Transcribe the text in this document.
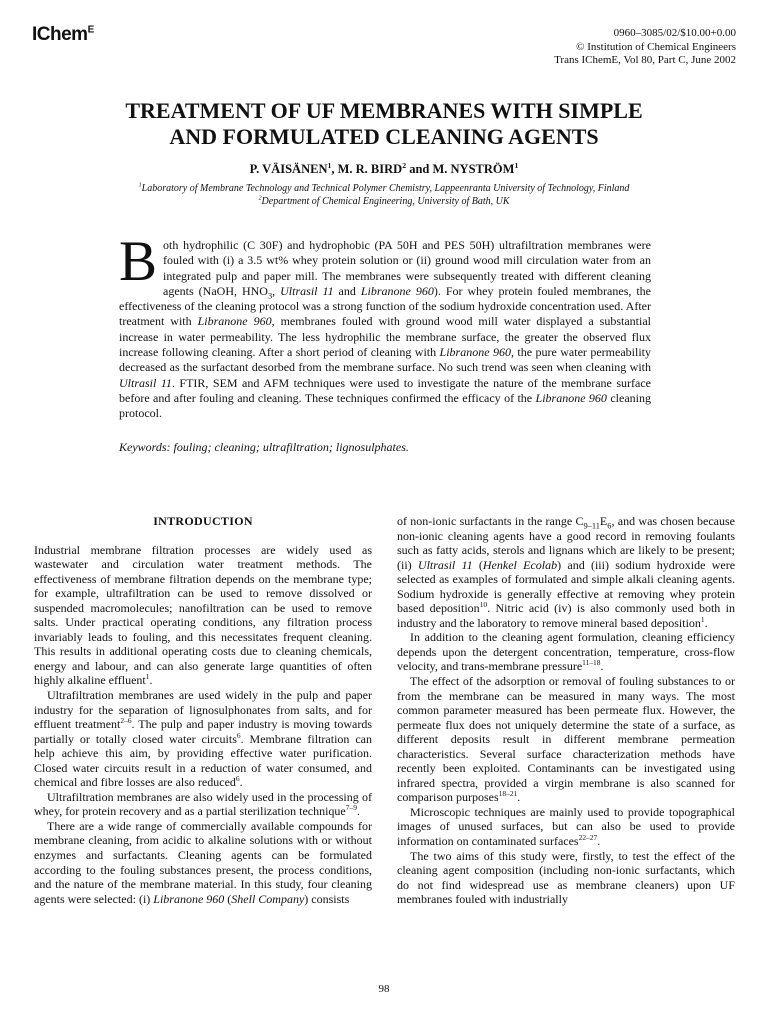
IChem$^E$	0960–3085/02/$10.00+0.00
© Institution of Chemical Engineers
Trans IChemE, Vol 80, Part C, June 2002
TREATMENT OF UF MEMBRANES WITH SIMPLE
AND FORMULATED CLEANING AGENTS
P. VÄISÄNEN$^1$, M. R. BIRD$^2$ and M. NYSTRÖM$^1$
$^1$Laboratory of Membrane Technology and Technical Polymer Chemistry, Lappeenranta University of Technology, Finland
$^2$Department of Chemical Engineering, University of Bath, UK
B oth hydrophilic (C 30F) and hydrophobic (PA 50H and PES 50H) ultrafiltration membranes were fouled with (i) a 3.5 wt% whey protein solution or (ii) ground wood mill circulation water from an integrated pulp and paper mill. The membranes were subsequently treated with different cleaning agents (NaOH, $HNO_3$, Ultrasil 11 and Libranone 960). For whey protein fouled membranes, the effectiveness of the cleaning protocol was a strong function of the sodium hydroxide concentration used. After treatment with Libranone 960, membranes fouled with ground wood mill water displayed a substantial increase in water permeability. The less hydrophilic the membrane surface, the greater the observed flux increase following cleaning. After a short period of cleaning with Libranone 960, the pure water permeability decreased as the surfactant desorbed from the membrane surface. No such trend was seen when cleaning with Ultrasil 11. FTIR, SEM and AFM techniques were used to investigate the nature of the membrane surface before and after fouling and cleaning. These techniques confirmed the efficacy of the Libranone 960 cleaning protocol.

Keywords: fouling; cleaning; ultrafiltration; lignosulphates.
INTRODUCTION

Industrial membrane filtration processes are widely used as wastewater and circulation water treatment methods. The effectiveness of membrane filtration depends on the membrane type; for example, ultrafiltration can be used to remove dissolved or suspended macromolecules; nanofiltration can be used to remove salts. Under practical operating conditions, any filtration process invariably leads to fouling, and this necessitates frequent cleaning. This results in additional operating costs due to cleaning chemicals, energy and labour, and can also generate large quantities of often highly alkaline effluent$^1$.

Ultrafiltration membranes are used widely in the pulp and paper industry for the separation of lignosulphonates from salts, and for effluent treatment$^{2-6}$. The pulp and paper industry is moving towards partially or totally closed water circuits$^6$. Membrane filtration can help achieve this aim, by providing effective water purification. Closed water circuits result in a reduction of water consumed, and chemical and fibre losses are also reduced$^6$.

Ultrafiltration membranes are also widely used in the processing of whey, for protein recovery and as a partial sterilization technique$^{7-9}$.

There are a wide range of commercially available compounds for membrane cleaning, from acidic to alkaline solutions with or without enzymes and surfactants. Cleaning agents can be formulated according to the fouling substances present, the process conditions, and the nature of the membrane material. In this study, four cleaning agents were selected: (i) Libranone 960 (Shell Company) consists

of non-ionic surfactants in the range $C_{9-11}E_6$, and was chosen because non-ionic cleaning agents have a good record in removing foulants such as fatty acids, sterols and lignans which are likely to be present; (ii) Ultrasil 11 (Henkel Ecolab) and (iii) sodium hydroxide were selected as examples of formulated and simple alkali cleaning agents. Sodium hydroxide is generally effective at removing whey protein based deposition$^{10}$. Nitric acid (iv) is also commonly used both in industry and the laboratory to remove mineral based deposition$^1$.

In addition to the cleaning agent formulation, cleaning efficiency depends upon the detergent concentration, temperature, cross-flow velocity, and trans-membrane pressure$^{11-18}$.

The effect of the adsorption or removal of fouling substances to or from the membrane can be measured in many ways. The most common parameter measured has been permeate flux. However, the permeate flux does not uniquely determine the state of a surface, as different deposits result in different membrane permeation characteristics. Several surface characterization methods have recently been exploited. Contaminants can be investigated using infrared spectra, provided a virgin membrane is also scanned for comparison purposes$^{18-21}$.

Microscopic techniques are mainly used to provide topographical images of unused surfaces, but can also be used to provide information on contaminated surfaces$^{22-27}$.

The two aims of this study were, firstly, to test the effect of the cleaning agent composition (including non-ionic surfactants, which do not find widespread use as membrane cleaners) upon UF membranes fouled with industrially

98
